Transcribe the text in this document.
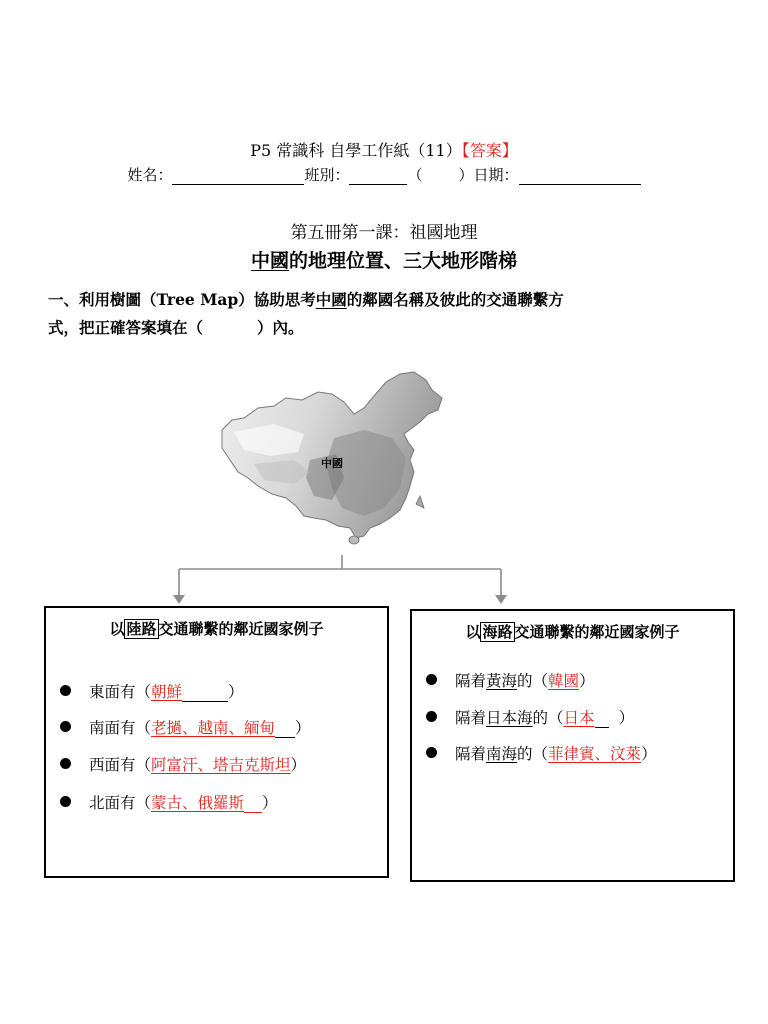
P5 常識科 自學工作紙（11）【答案】
姓名：	班別：	（ ）日期：
第五冊第一課：祖國地理
中國的地理位置、三大地形階梯
一、利用樹圖（Tree Map）協助思考中國的鄰國名稱及彼此的交通聯繫方
式，把正確答案填在（          ）內。
中國
以 陸路 交通聯繫的鄰近國家例子
東面有（朝鮮	）
南面有（老撾、越南、緬甸 ）
西面有（阿富汗、塔吉克斯坦）
北面有（蒙古、俄羅斯 ）
以 海路 交通聯繫的鄰近國家例子
隔着黃海的（韓國）
隔着日本海的（日本 ）
隔着南海的（菲律賓、汶萊）
